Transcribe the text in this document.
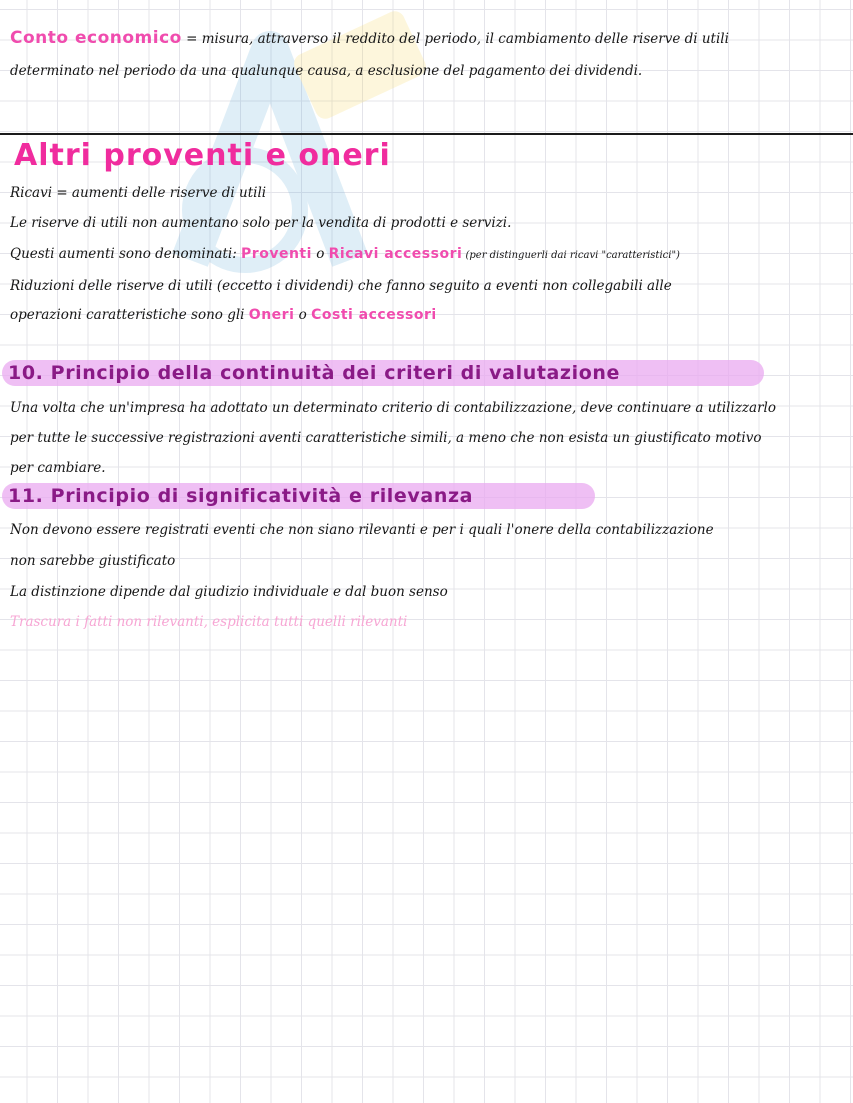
Conto economico = misura, attraverso il reddito del periodo, il cambiamento delle riserve di utili
determinato nel periodo da una qualunque causa, a esclusione del pagamento dei dividendi.
Altri proventi e oneri
Ricavi = aumenti delle riserve di utili
Le riserve di utili non aumentano solo per la vendita di prodotti e servizi.
Questi aumenti sono denominati: Proventi o Ricavi accessori (per distinguerli dai ricavi "caratteristici")
Riduzioni delle riserve di utili (eccetto i dividendi) che fanno seguito a eventi non collegabili alle
operazioni caratteristiche sono gli Oneri o Costi accessori
10. Principio della continuità dei criteri di valutazione
Una volta che un'impresa ha adottato un determinato criterio di contabilizzazione, deve continuare a utilizzarlo
per tutte le successive registrazioni aventi caratteristiche simili, a meno che non esista un giustificato motivo
per cambiare.
11. Principio di significatività e rilevanza
Non devono essere registrati eventi che non siano rilevanti e per i quali l'onere della contabilizzazione
non sarebbe giustificato
La distinzione dipende dal giudizio individuale e dal buon senso
Trascura i fatti non rilevanti, esplicita tutti quelli rilevanti
